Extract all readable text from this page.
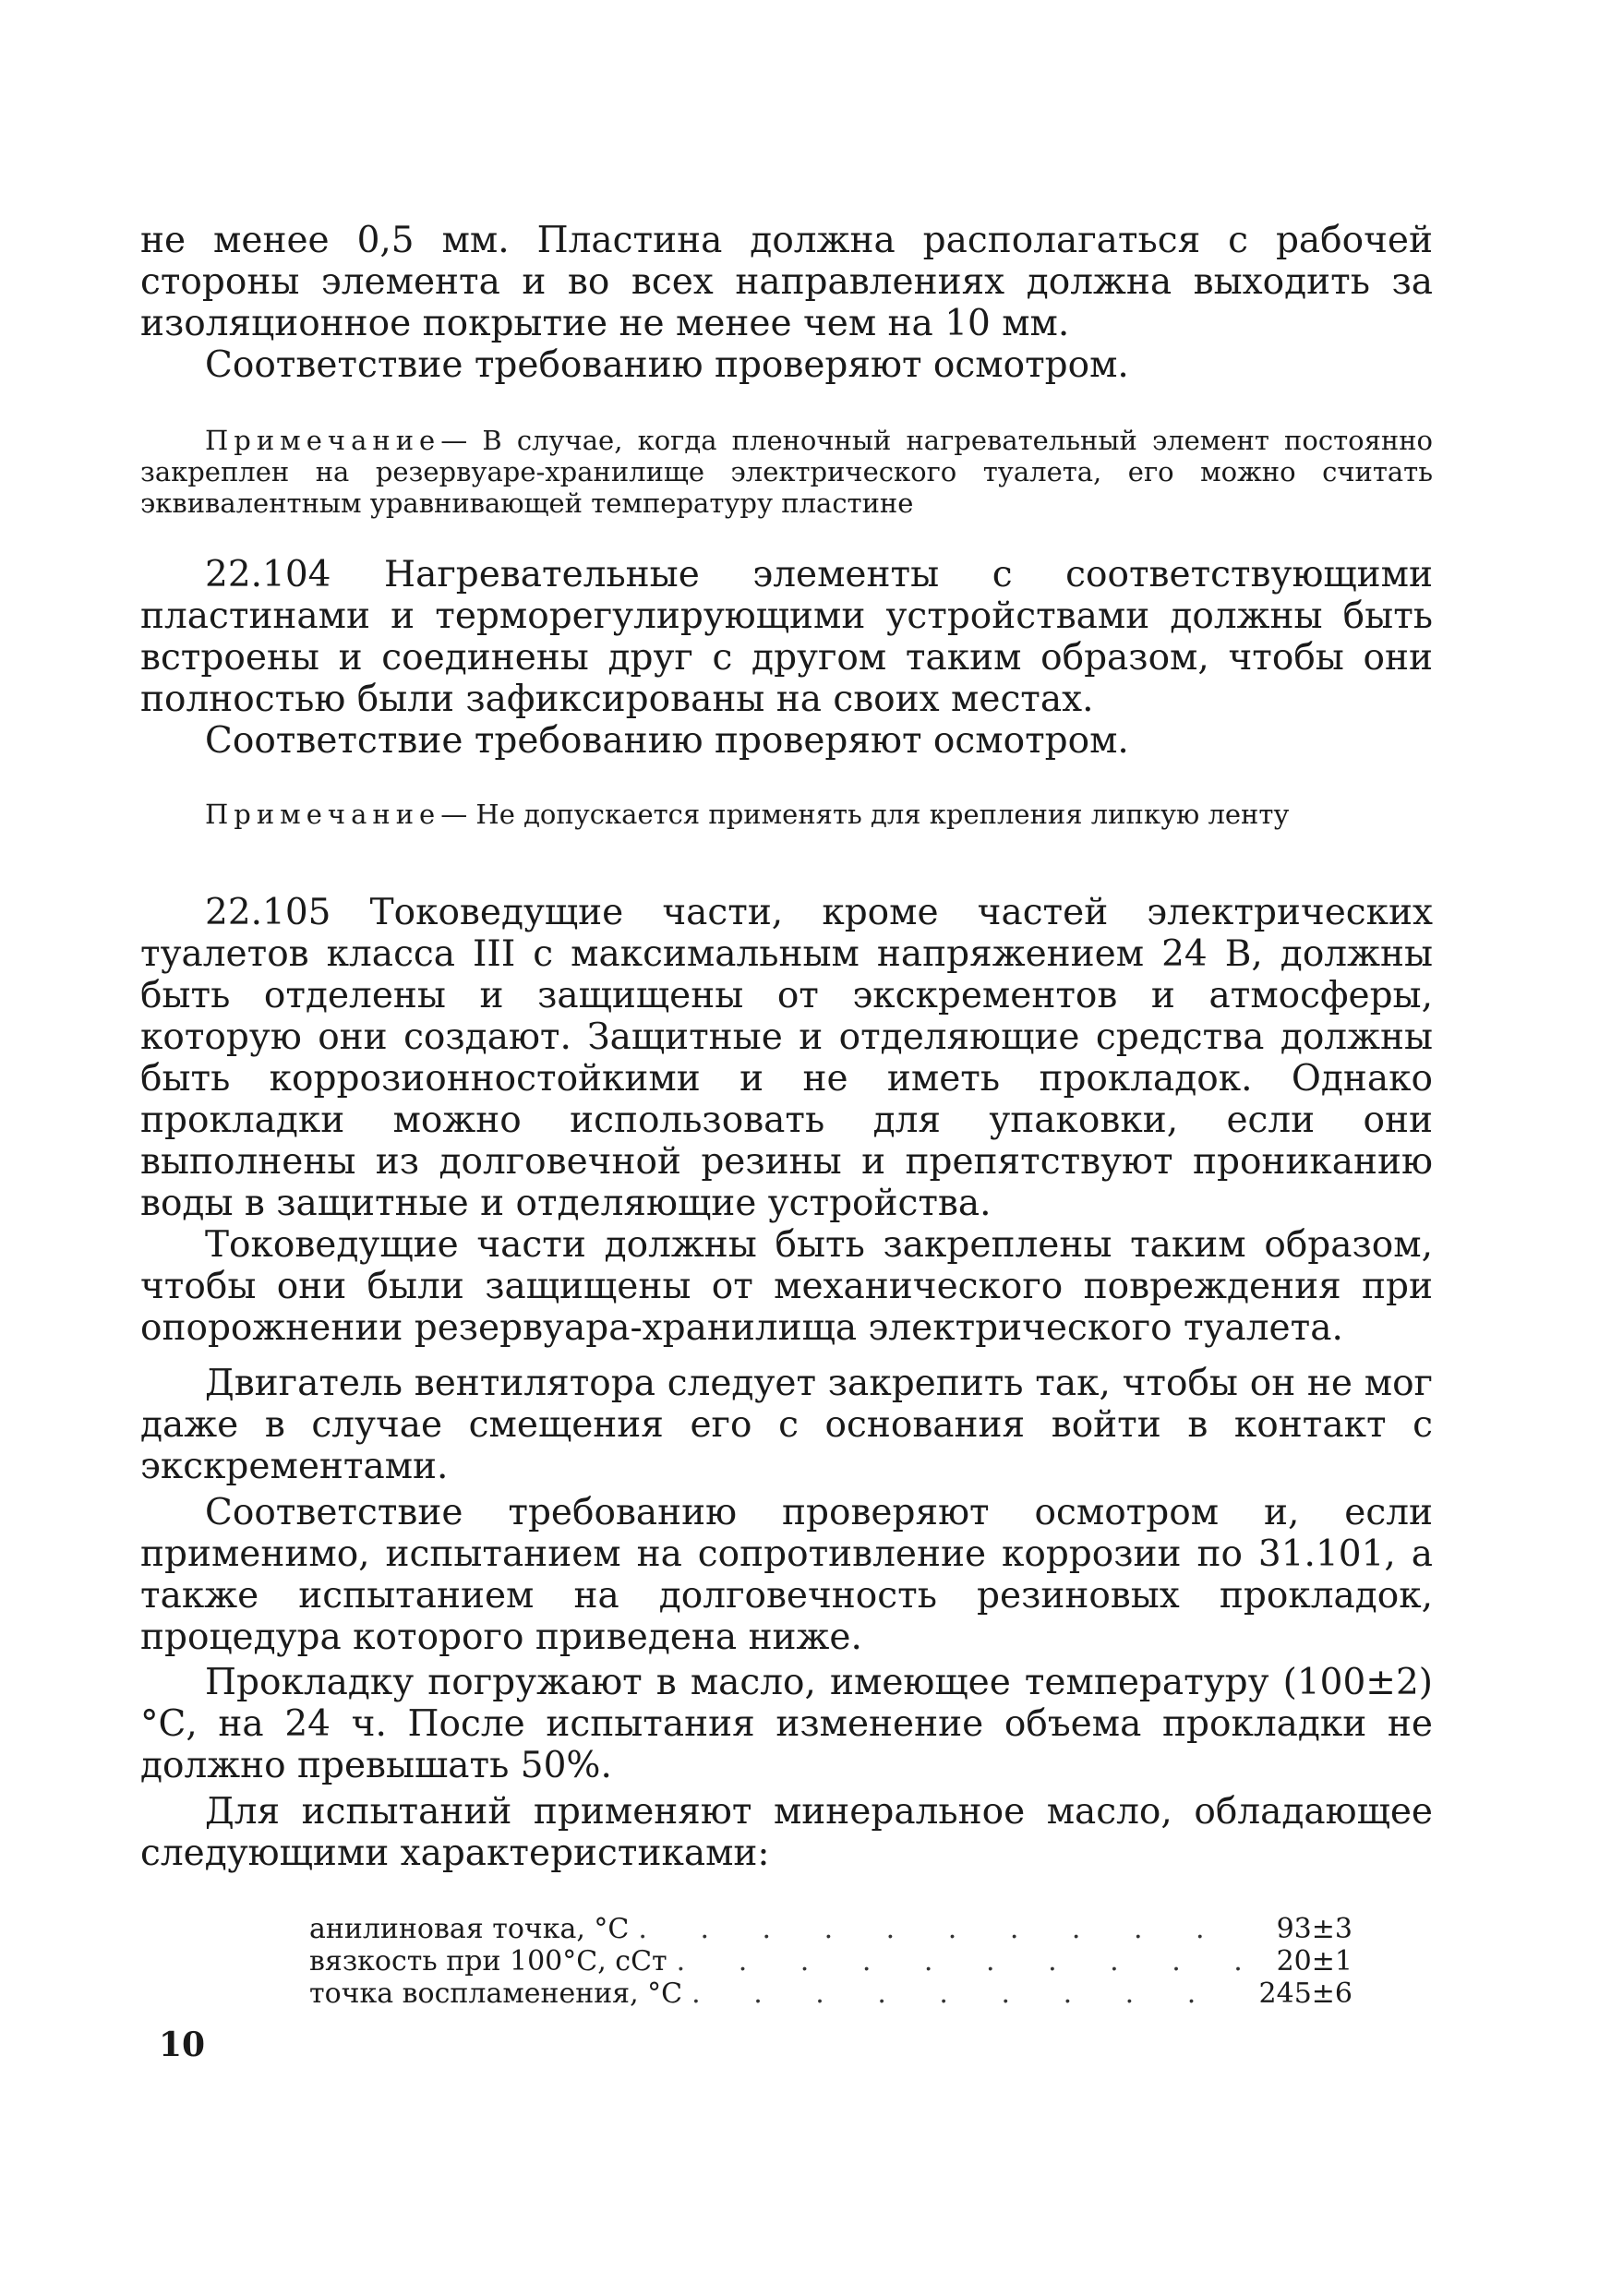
не менее 0,5 мм. Пластина должна располагаться с рабочей стороны элемента и во всех направлениях должна выходить за изоляционное покрытие не менее чем на 10 мм.

Соответствие требованию проверяют осмотром.

Примечание— В случае, когда пленочный нагревательный элемент постоянно закреплен на резервуаре-хранилище электрического туалета, его можно считать эквивалентным уравнивающей температуру пластине

22.104 Нагревательные элементы с соответствующими пластинами и терморегулирующими устройствами должны быть встроены и соединены друг с другом таким образом, чтобы они полностью были зафиксированы на своих местах.

Соответствие требованию проверяют осмотром.

Примечание— Не допускается применять для крепления липкую ленту

22.105 Токоведущие части, кроме частей электрических туалетов класса III с максимальным напряжением 24 В, должны быть отделены и защищены от экскрементов и атмосферы, которую они создают. Защитные и отделяющие средства должны быть коррозионностойкими и не иметь прокладок. Однако прокладки можно использовать для упаковки, если они выполнены из долговечной резины и препятствуют прониканию воды в защитные и отделяющие устройства.

Токоведущие части должны быть закреплены таким образом, чтобы они были защищены от механического повреждения при опорожнении резервуара-хранилища электрического туалета.

Двигатель вентилятора следует закрепить так, чтобы он не мог даже в случае смещения его с основания войти в контакт с экскрементами.

Соответствие требованию проверяют осмотром и, если применимо, испытанием на сопротивление коррозии по 31.101, а также испытанием на долговечность резиновых прокладок, процедура которого приведена ниже.

Прокладку погружают в масло, имеющее температуру (100±2) °С, на 24 ч. После испытания изменение объема прокладки не должно превышать 50%.

Для испытаний применяют минеральное масло, обладающее следующими характеристиками:

анилиновая точка, °С . . .	93±3
вязкость при 100°С, сСт . . .	20±1
точка воспламенения, °С . . .	245±6
10
